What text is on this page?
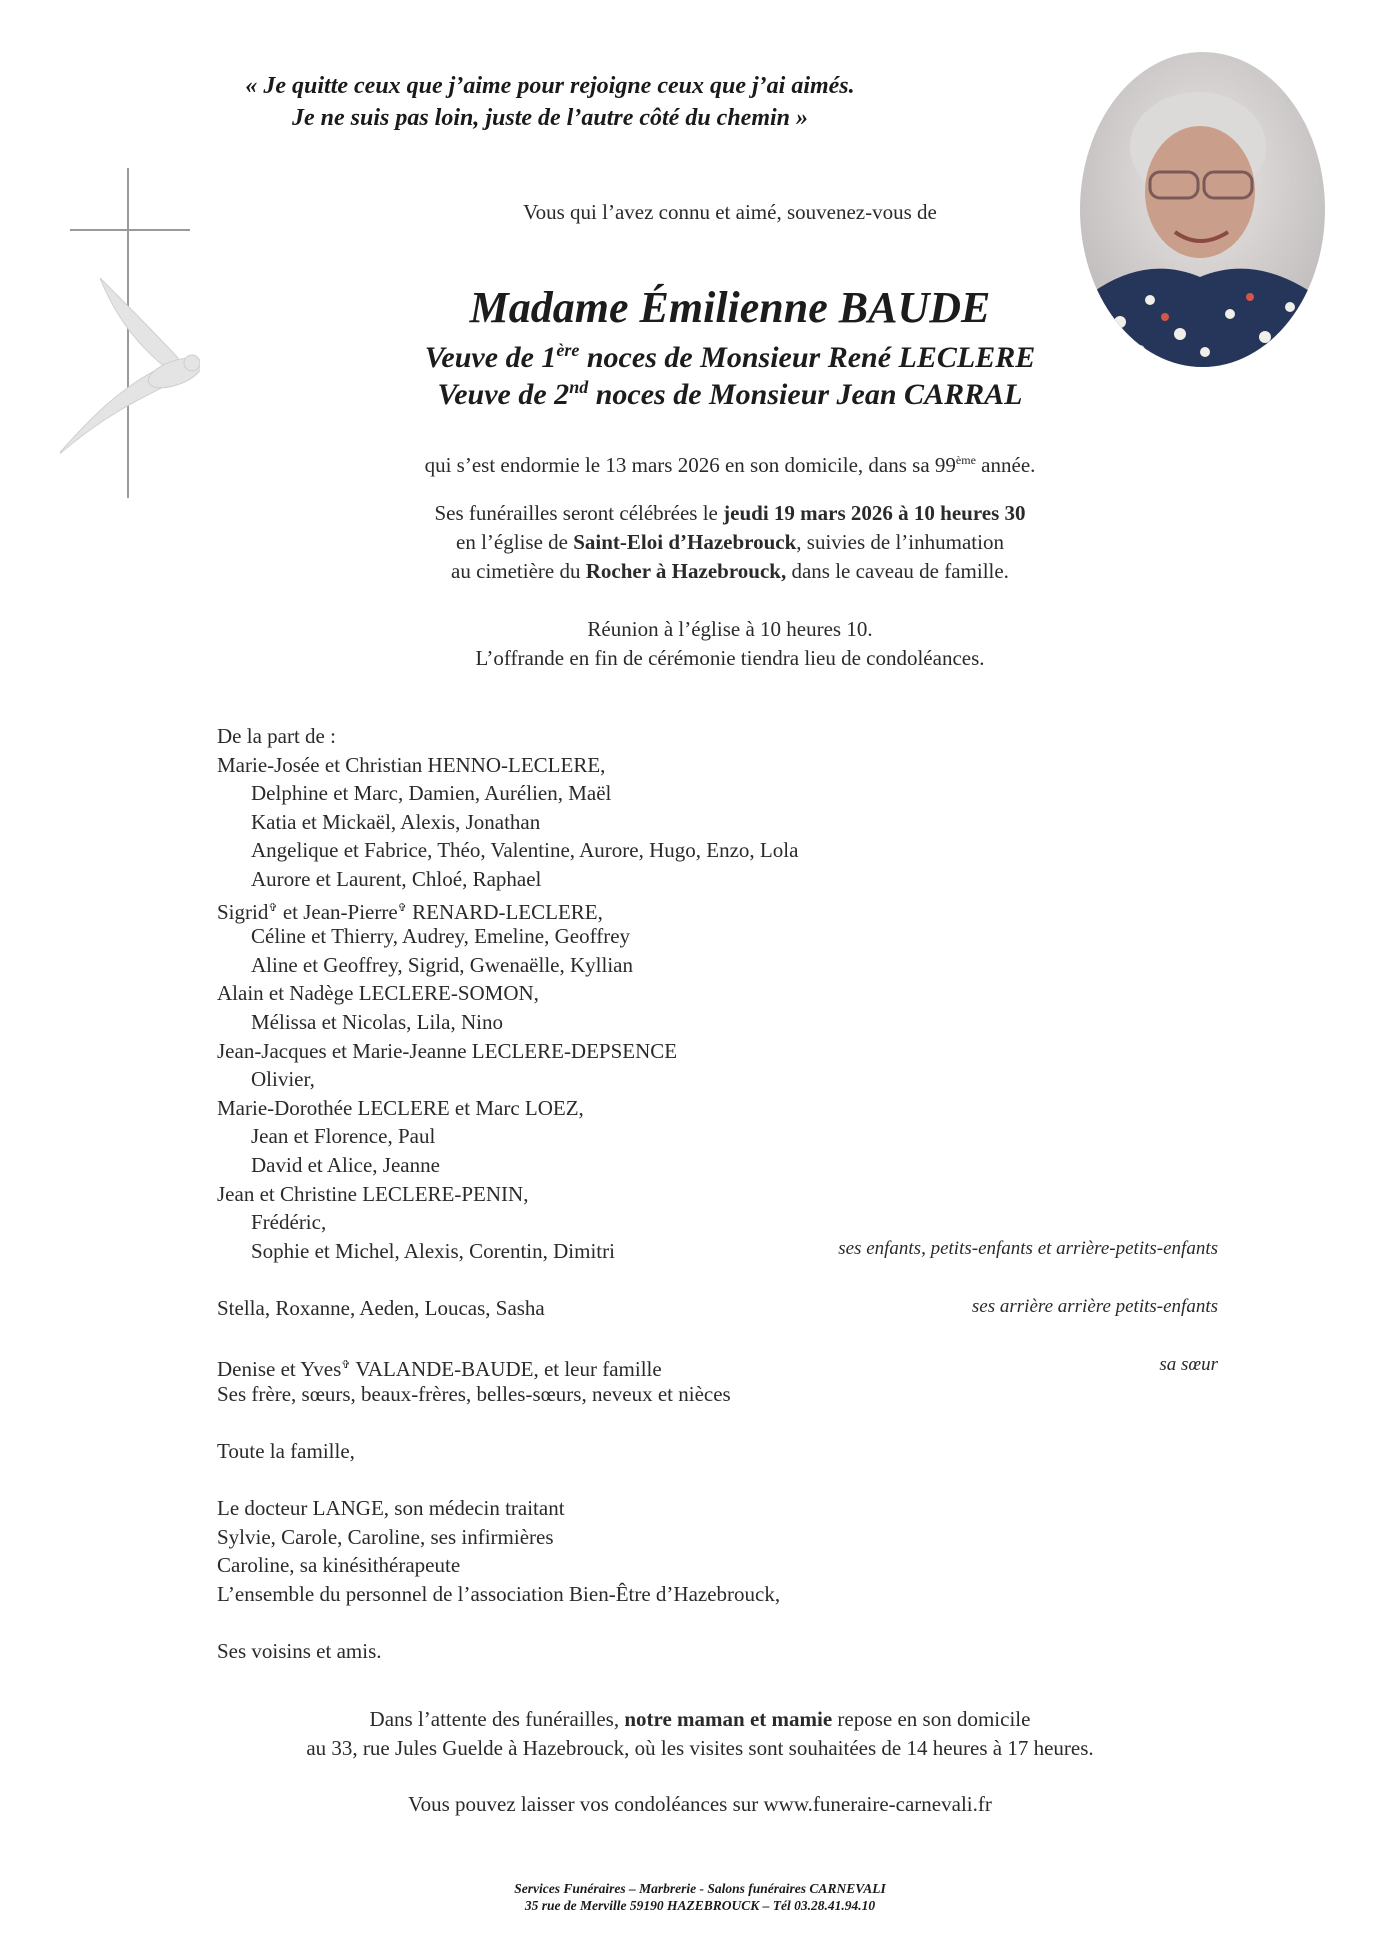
« Je quitte ceux que j’aime pour rejoigne ceux que j’ai aimés.
Je ne suis pas loin, juste de l’autre côté du chemin »
Vous qui l’avez connu et aimé, souvenez-vous de
Madame Émilienne BAUDE
Veuve de 1ère noces de Monsieur René LECLERE
Veuve de 2nd noces de Monsieur Jean CARRAL
qui s’est endormie le 13 mars 2026 en son domicile, dans sa 99ème année.
Ses funérailles seront célébrées le jeudi 19 mars 2026 à 10 heures 30
en l’église de Saint-Eloi d’Hazebrouck, suivies de l’inhumation
au cimetière du Rocher à Hazebrouck, dans le caveau de famille.
Réunion à l’église à 10 heures 10.
L’offrande en fin de cérémonie tiendra lieu de condoléances.
De la part de :
Marie-Josée et Christian HENNO-LECLERE,
Delphine et Marc, Damien, Aurélien, Maël
Katia et Mickaël, Alexis, Jonathan
Angelique et Fabrice, Théo, Valentine, Aurore, Hugo, Enzo, Lola
Aurore et Laurent, Chloé, Raphael
Sigrid✞ et Jean-Pierre✞ RENARD-LECLERE,
Céline et Thierry, Audrey, Emeline, Geoffrey
Aline et Geoffrey, Sigrid, Gwenaëlle, Kyllian
Alain et Nadège LECLERE-SOMON,
Mélissa et Nicolas, Lila, Nino
Jean-Jacques et Marie-Jeanne LECLERE-DEPSENCE
Olivier,
Marie-Dorothée LECLERE et Marc LOEZ,
Jean et Florence, Paul
David et Alice, Jeanne
Jean et Christine LECLERE-PENIN,
Frédéric,
Sophie et Michel, Alexis, Corentin, Dimitri
Stella, Roxanne, Aeden, Loucas, Sasha
Denise et Yves✞ VALANDE-BAUDE, et leur famille
Ses frère, sœurs, beaux-frères, belles-sœurs, neveux et nièces
Toute la famille,
Le docteur LANGE, son médecin traitant
Sylvie, Carole, Caroline, ses infirmières
Caroline, sa kinésithérapeute
L’ensemble du personnel de l’association Bien-Être d’Hazebrouck,
Ses voisins et amis.
ses enfants, petits-enfants et arrière-petits-enfants
ses arrière arrière petits-enfants
sa sœur
Dans l’attente des funérailles, notre maman et mamie repose en son domicile
au 33, rue Jules Guelde à Hazebrouck, où les visites sont souhaitées de 14 heures à 17 heures.
Vous pouvez laisser vos condoléances sur www.funeraire-carnevali.fr
Services Funéraires – Marbrerie - Salons funéraires CARNEVALI
35 rue de Merville 59190 HAZEBROUCK – Tél 03.28.41.94.10
